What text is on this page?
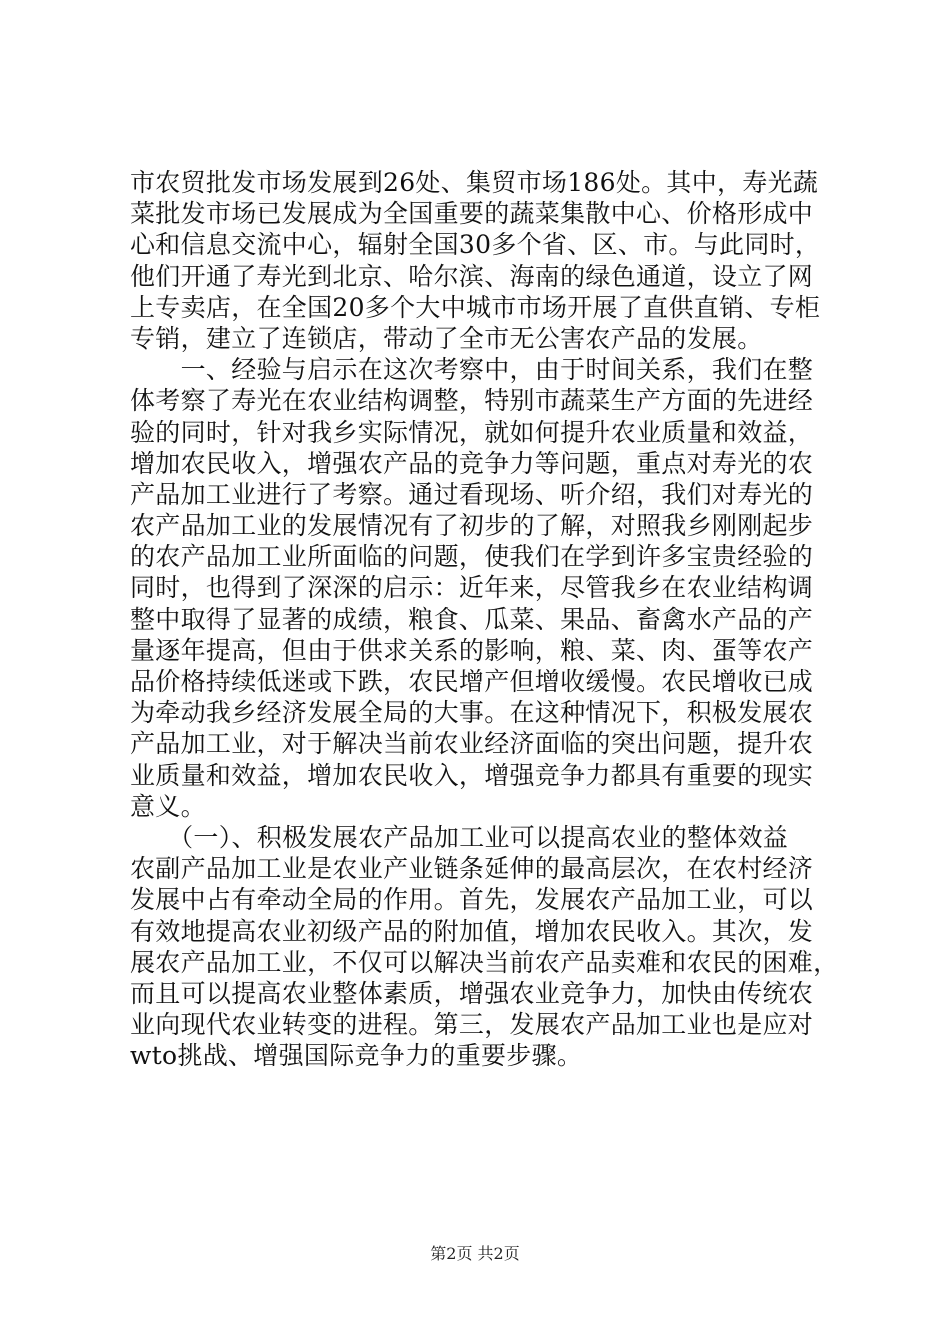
市农贸批发市场发展到26处、集贸市场186处。其中，寿光蔬
菜批发市场已发展成为全国重要的蔬菜集散中心、价格形成中
心和信息交流中心，辐射全国30多个省、区、市。与此同时，
他们开通了寿光到北京、哈尔滨、海南的绿色通道，设立了网
上专卖店，在全国20多个大中城市市场开展了直供直销、专柜
专销，建立了连锁店，带动了全市无公害农产品的发展。
　　一、经验与启示在这次考察中，由于时间关系，我们在整
体考察了寿光在农业结构调整，特别市蔬菜生产方面的先进经
验的同时，针对我乡实际情况，就如何提升农业质量和效益，
增加农民收入，增强农产品的竞争力等问题，重点对寿光的农
产品加工业进行了考察。通过看现场、听介绍，我们对寿光的
农产品加工业的发展情况有了初步的了解，对照我乡刚刚起步
的农产品加工业所面临的问题，使我们在学到许多宝贵经验的
同时，也得到了深深的启示：近年来，尽管我乡在农业结构调
整中取得了显著的成绩，粮食、瓜菜、果品、畜禽水产品的产
量逐年提高，但由于供求关系的影响，粮、菜、肉、蛋等农产
品价格持续低迷或下跌，农民增产但增收缓慢。农民增收已成
为牵动我乡经济发展全局的大事。在这种情况下，积极发展农
产品加工业，对于解决当前农业经济面临的突出问题，提升农
业质量和效益，增加农民收入，增强竞争力都具有重要的现实
意义。
　　（一）、积极发展农产品加工业可以提高农业的整体效益
农副产品加工业是农业产业链条延伸的最高层次，在农村经济
发展中占有牵动全局的作用。首先，发展农产品加工业，可以
有效地提高农业初级产品的附加值，增加农民收入。其次，发
展农产品加工业，不仅可以解决当前农产品卖难和农民的困难，
而且可以提高农业整体素质，增强农业竞争力，加快由传统农
业向现代农业转变的进程。第三，发展农产品加工业也是应对
wto挑战、增强国际竞争力的重要步骤。
第2页 共2页
